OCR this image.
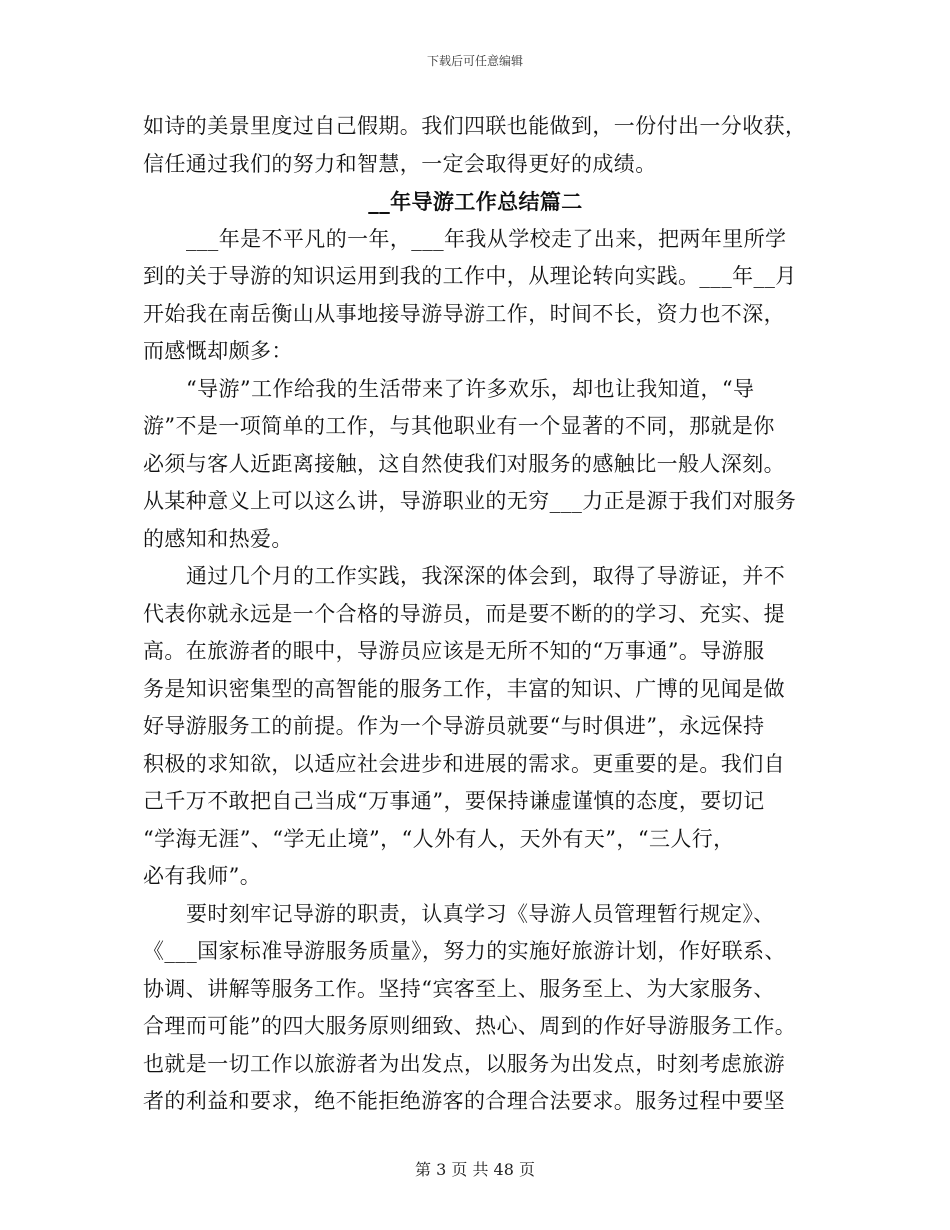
下载后可任意编辑
如诗的美景里度过自己假期。我们四联也能做到，一份付出一分收获，
信任通过我们的努力和智慧，一定会取得更好的成绩。
__年导游工作总结篇二
___年是不平凡的一年，___年我从学校走了出来，把两年里所学
到的关于导游的知识运用到我的工作中，从理论转向实践。___年__月
开始我在南岳衡山从事地接导游导游工作，时间不长，资力也不深，
而感慨却颇多：
“导游”工作给我的生活带来了许多欢乐，却也让我知道，“导
游”不是一项简单的工作，与其他职业有一个显著的不同，那就是你
必须与客人近距离接触，这自然使我们对服务的感触比一般人深刻。
从某种意义上可以这么讲，导游职业的无穷___力正是源于我们对服务
的感知和热爱。
通过几个月的工作实践，我深深的体会到，取得了导游证，并不
代表你就永远是一个合格的导游员，而是要不断的的学习、充实、提
高。在旅游者的眼中，导游员应该是无所不知的“万事通”。导游服
务是知识密集型的高智能的服务工作，丰富的知识、广博的见闻是做
好导游服务工的前提。作为一个导游员就要“与时俱进”，永远保持
积极的求知欲，以适应社会进步和进展的需求。更重要的是。我们自
己千万不敢把自己当成“万事通”，要保持谦虚谨慎的态度，要切记
“学海无涯”、“学无止境”，“人外有人，天外有天”，“三人行，
必有我师”。
要时刻牢记导游的职责，认真学习《导游人员管理暂行规定》、
《___国家标准导游服务质量》，努力的实施好旅游计划，作好联系、
协调、讲解等服务工作。坚持“宾客至上、服务至上、为大家服务、
合理而可能”的四大服务原则细致、热心、周到的作好导游服务工作。
也就是一切工作以旅游者为出发点，以服务为出发点，时刻考虑旅游
者的利益和要求，绝不能拒绝游客的合理合法要求。服务过程中要坚
第 3 页 共 48 页
